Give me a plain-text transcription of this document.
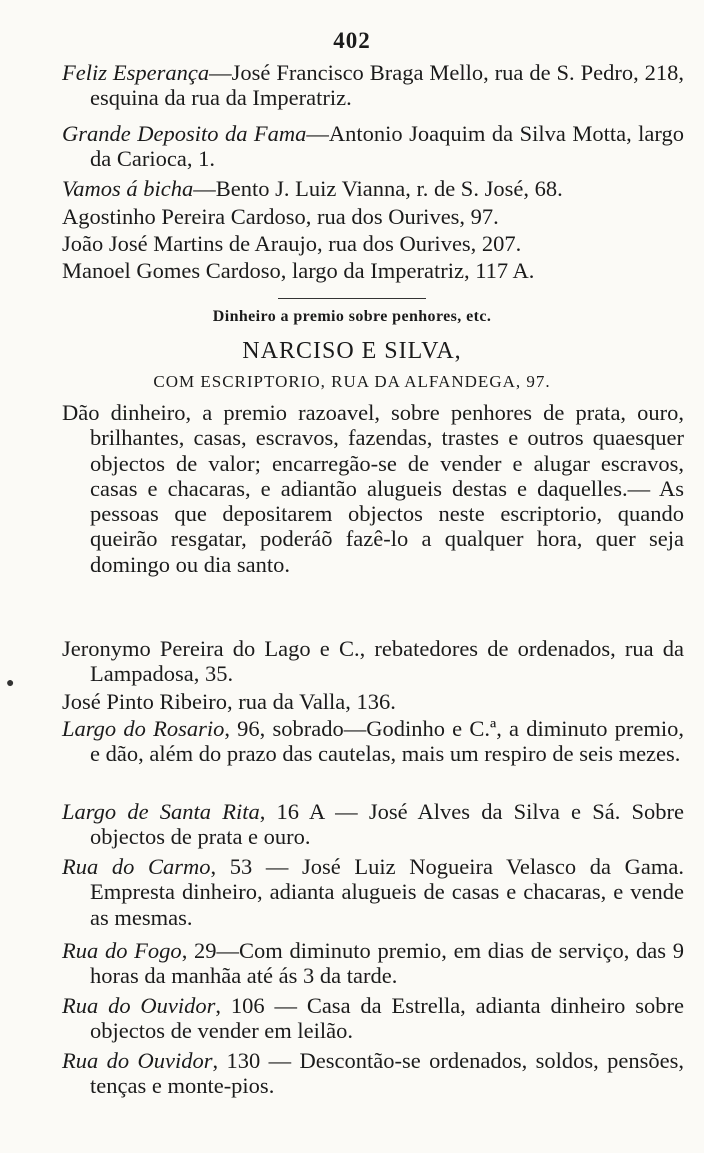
402
Feliz Esperança—José Francisco Braga Mello, rua de S. Pedro, 218, esquina da rua da Imperatriz.
Grande Deposito da Fama—Antonio Joaquim da Silva Motta, largo da Carioca, 1.
Vamos á bicha—Bento J. Luiz Vianna, r. de S. José, 68.
Agostinho Pereira Cardoso, rua dos Ourives, 97.
João José Martins de Araujo, rua dos Ourives, 207.
Manoel Gomes Cardoso, largo da Imperatriz, 117 A.
Dinheiro a premio sobre penhores, etc.
NARCISO E SILVA,
COM ESCRIPTORIO, RUA DA ALFANDEGA, 97.
Dão dinheiro, a premio razoavel, sobre penhores de prata, ouro, brilhantes, casas, escravos, fazendas, trastes e outros quaesquer objectos de valor; encarregão-se de vender e alugar escravos, casas e chacaras, e adiantão alugueis destas e daquelles.— As pessoas que depositarem objectos neste escriptorio, quando queirão resgatar, poderáõ fazê-lo a qualquer hora, quer seja domingo ou dia santo.
Jeronymo Pereira do Lago e C., rebatedores de ordenados, rua da Lampadosa, 35.
José Pinto Ribeiro, rua da Valla, 136.
Largo do Rosario, 96, sobrado—Godinho e C.ª, a diminuto premio, e dão, além do prazo das cautelas, mais um respiro de seis mezes.
Largo de Santa Rita, 16 A — José Alves da Silva e Sá. Sobre objectos de prata e ouro.
Rua do Carmo, 53 — José Luiz Nogueira Velasco da Gama. Empresta dinheiro, adianta alugueis de casas e chacaras, e vende as mesmas.
Rua do Fogo, 29—Com diminuto premio, em dias de serviço, das 9 horas da manhãa até ás 3 da tarde.
Rua do Ouvidor, 106 — Casa da Estrella, adianta dinheiro sobre objectos de vender em leilão.
Rua do Ouvidor, 130 — Descontão-se ordenados, soldos, pensões, tenças e monte-pios.
●
